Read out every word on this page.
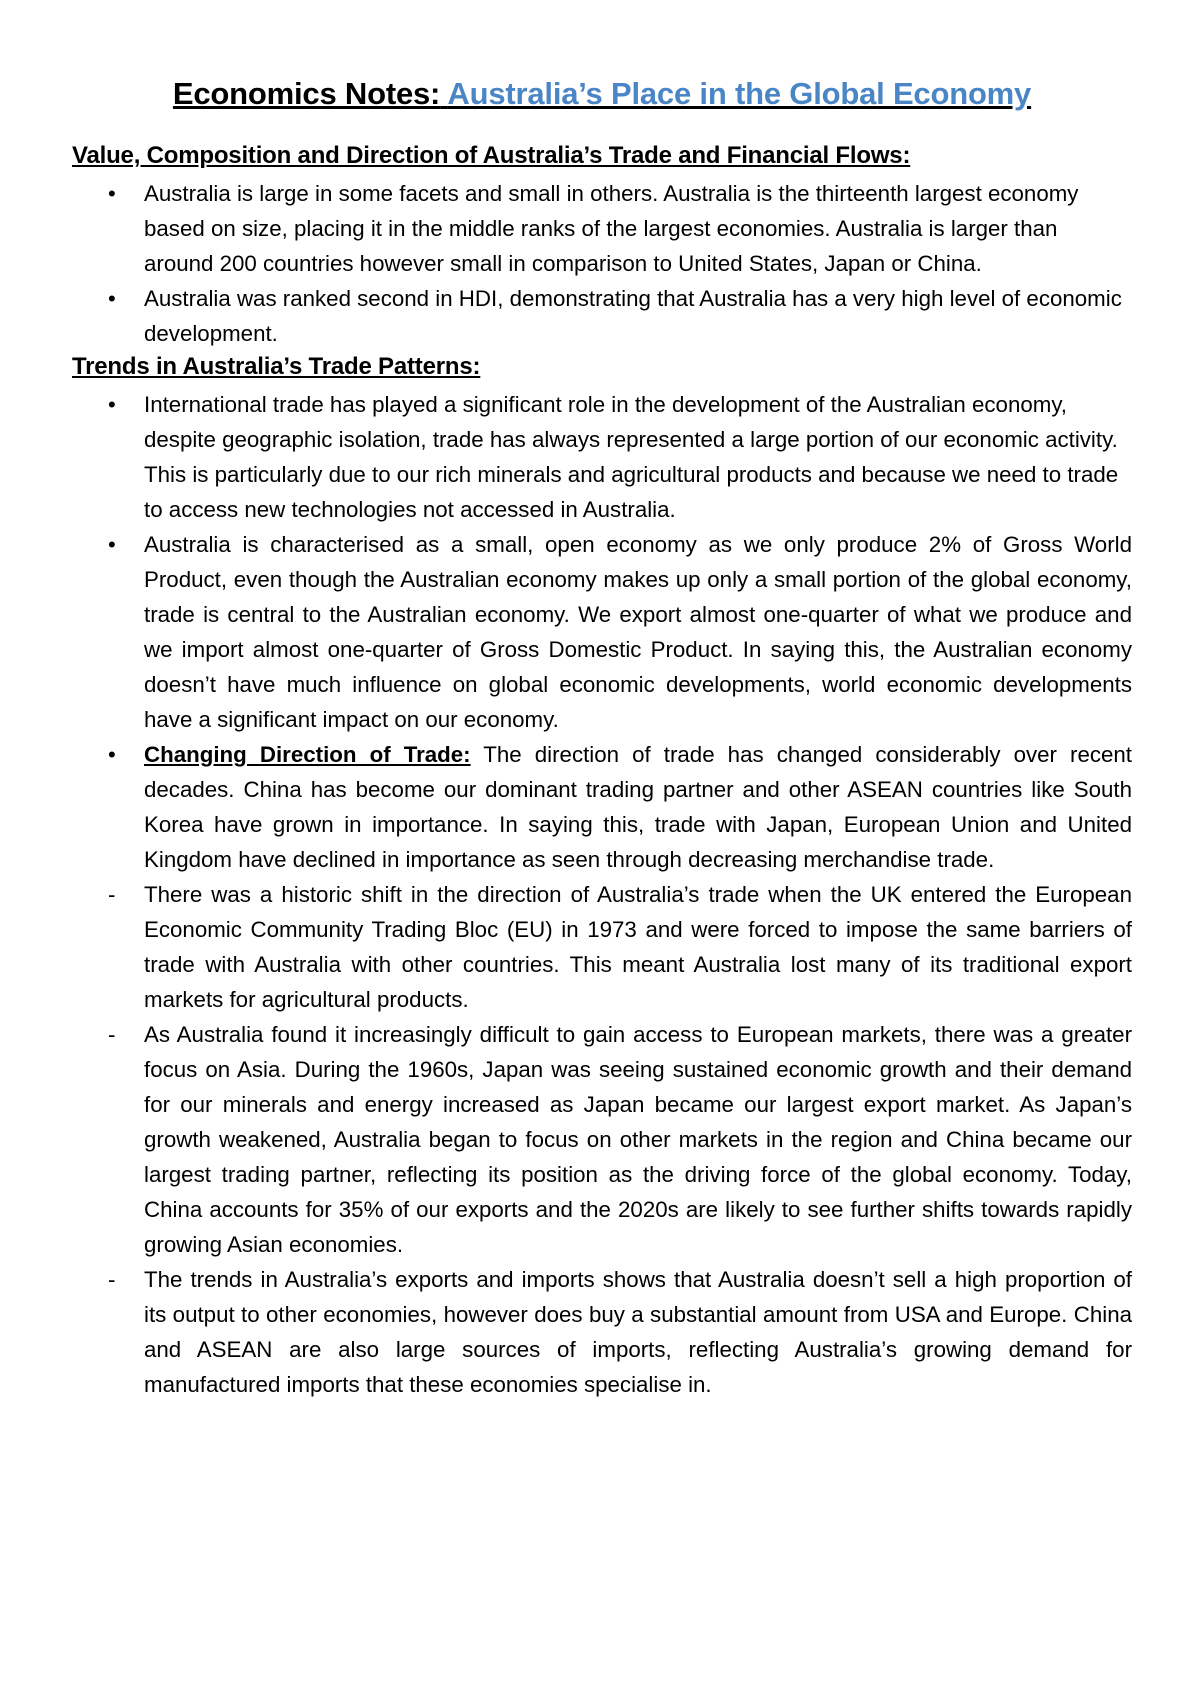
Economics Notes: Australia’s Place in the Global Economy
Value, Composition and Direction of Australia’s Trade and Financial Flows:
•	Australia is large in some facets and small in others. Australia is the thirteenth largest economy based on size, placing it in the middle ranks of the largest economies. Australia is larger than around 200 countries however small in comparison to United States, Japan or China.
•	Australia was ranked second in HDI, demonstrating that Australia has a very high level of economic development.
Trends in Australia’s Trade Patterns:
•	International trade has played a significant role in the development of the Australian economy, despite geographic isolation, trade has always represented a large portion of our economic activity. This is particularly due to our rich minerals and agricultural products and because we need to trade to access new technologies not accessed in Australia.
•	Australia is characterised as a small, open economy as we only produce 2% of Gross World Product, even though the Australian economy makes up only a small portion of the global economy, trade is central to the Australian economy. We export almost one-quarter of what we produce and we import almost one-quarter of Gross Domestic Product. In saying this, the Australian economy doesn’t have much influence on global economic developments, world economic developments have a significant impact on our economy.
•	Changing Direction of Trade: The direction of trade has changed considerably over recent decades. China has become our dominant trading partner and other ASEAN countries like South Korea have grown in importance. In saying this, trade with Japan, European Union and United Kingdom have declined in importance as seen through decreasing merchandise trade.
-	There was a historic shift in the direction of Australia’s trade when the UK entered the European Economic Community Trading Bloc (EU) in 1973 and were forced to impose the same barriers of trade with Australia with other countries. This meant Australia lost many of its traditional export markets for agricultural products.
-	As Australia found it increasingly difficult to gain access to European markets, there was a greater focus on Asia. During the 1960s, Japan was seeing sustained economic growth and their demand for our minerals and energy increased as Japan became our largest export market. As Japan’s growth weakened, Australia began to focus on other markets in the region and China became our largest trading partner, reflecting its position as the driving force of the global economy. Today, China accounts for 35% of our exports and the 2020s are likely to see further shifts towards rapidly growing Asian economies.
-	The trends in Australia’s exports and imports shows that Australia doesn’t sell a high proportion of its output to other economies, however does buy a substantial amount from USA and Europe. China and ASEAN are also large sources of imports, reflecting Australia’s growing demand for manufactured imports that these economies specialise in.
